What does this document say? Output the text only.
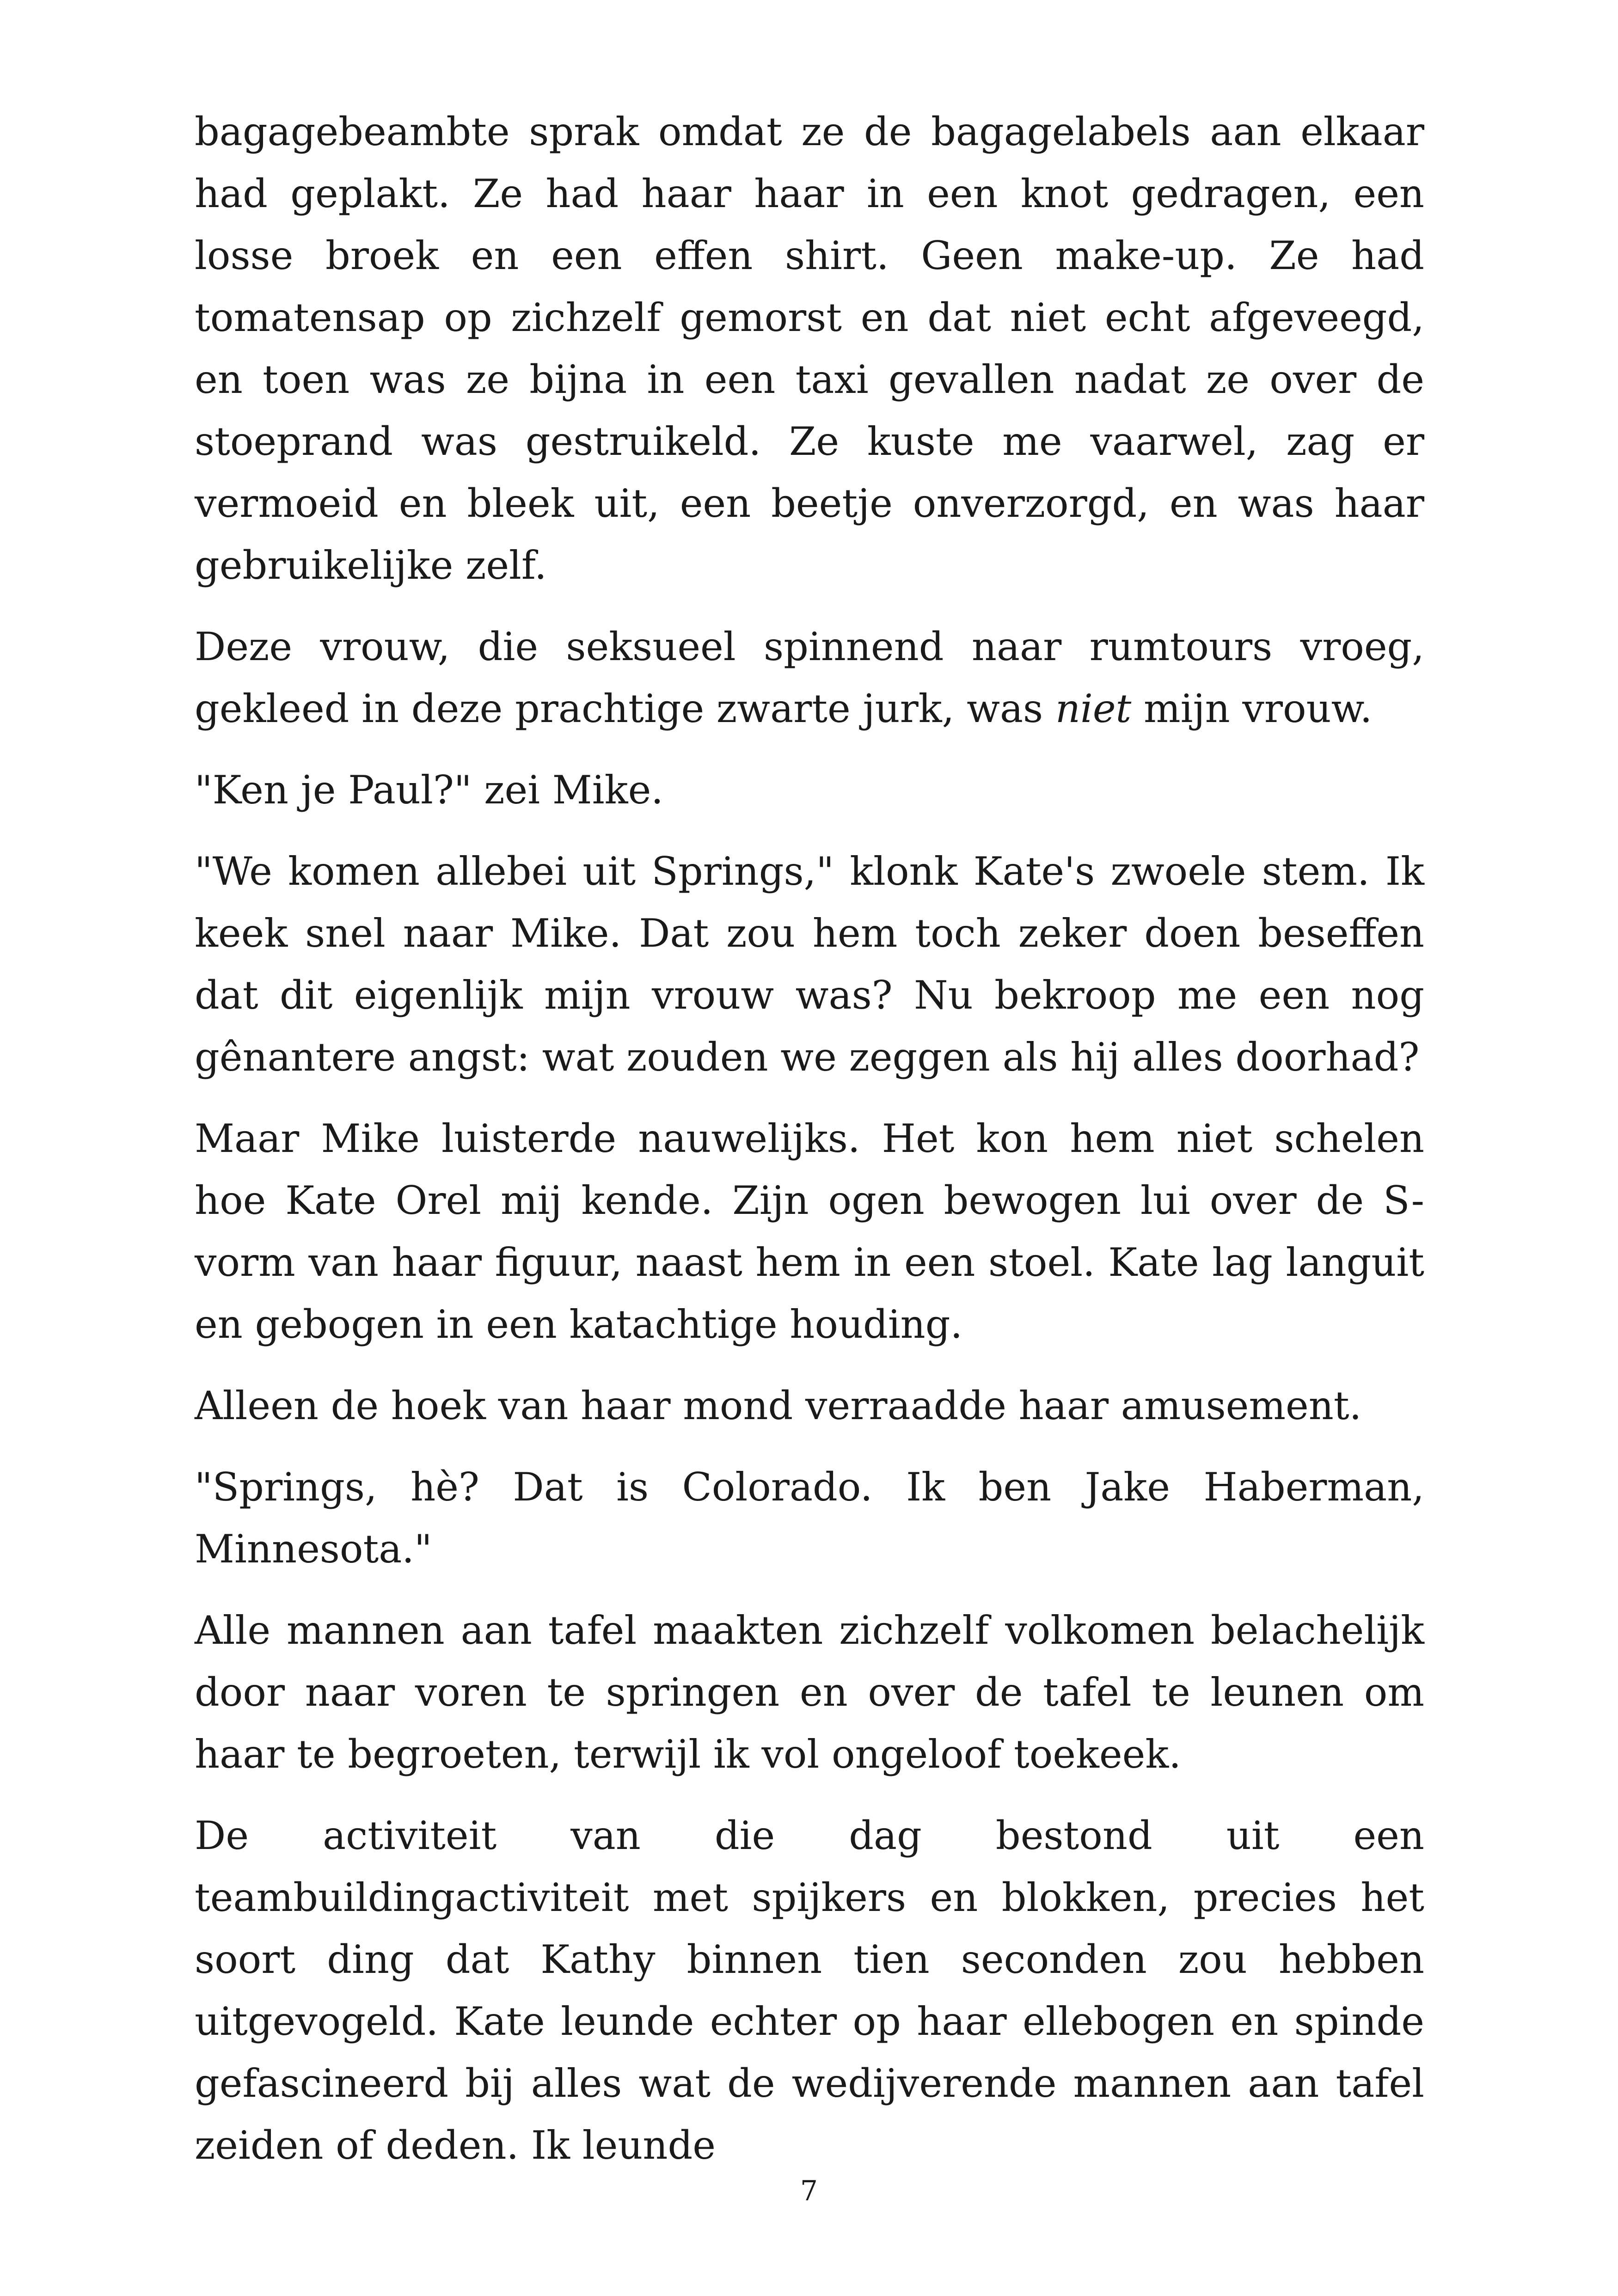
bagagebeambte sprak omdat ze de bagagelabels aan elkaar had geplakt. Ze had haar haar in een knot gedragen, een losse broek en een effen shirt. Geen make-up. Ze had tomatensap op zichzelf gemorst en dat niet echt afgeveegd, en toen was ze bijna in een taxi gevallen nadat ze over de stoeprand was gestruikeld. Ze kuste me vaarwel, zag er vermoeid en bleek uit, een beetje onverzorgd, en was haar gebruikelijke zelf.

Deze vrouw, die seksueel spinnend naar rumtours vroeg, gekleed in deze prachtige zwarte jurk, was niet mijn vrouw.

"Ken je Paul?" zei Mike.

"We komen allebei uit Springs," klonk Kate's zwoele stem. Ik keek snel naar Mike. Dat zou hem toch zeker doen beseffen dat dit eigenlijk mijn vrouw was? Nu bekroop me een nog gênantere angst: wat zouden we zeggen als hij alles doorhad?

Maar Mike luisterde nauwelijks. Het kon hem niet schelen hoe Kate Orel mij kende. Zijn ogen bewogen lui over de S-vorm van haar figuur, naast hem in een stoel. Kate lag languit en gebogen in een katachtige houding.

Alleen de hoek van haar mond verraadde haar amusement.

"Springs, hè? Dat is Colorado. Ik ben Jake Haberman, Minnesota."

Alle mannen aan tafel maakten zichzelf volkomen belachelijk door naar voren te springen en over de tafel te leunen om haar te begroeten, terwijl ik vol ongeloof toekeek.

De activiteit van die dag bestond uit een teambuildingactiviteit met spijkers en blokken, precies het soort ding dat Kathy binnen tien seconden zou hebben uitgevogeld. Kate leunde echter op haar ellebogen en spinde gefascineerd bij alles wat de wedijverende mannen aan tafel zeiden of deden. Ik leunde

7
